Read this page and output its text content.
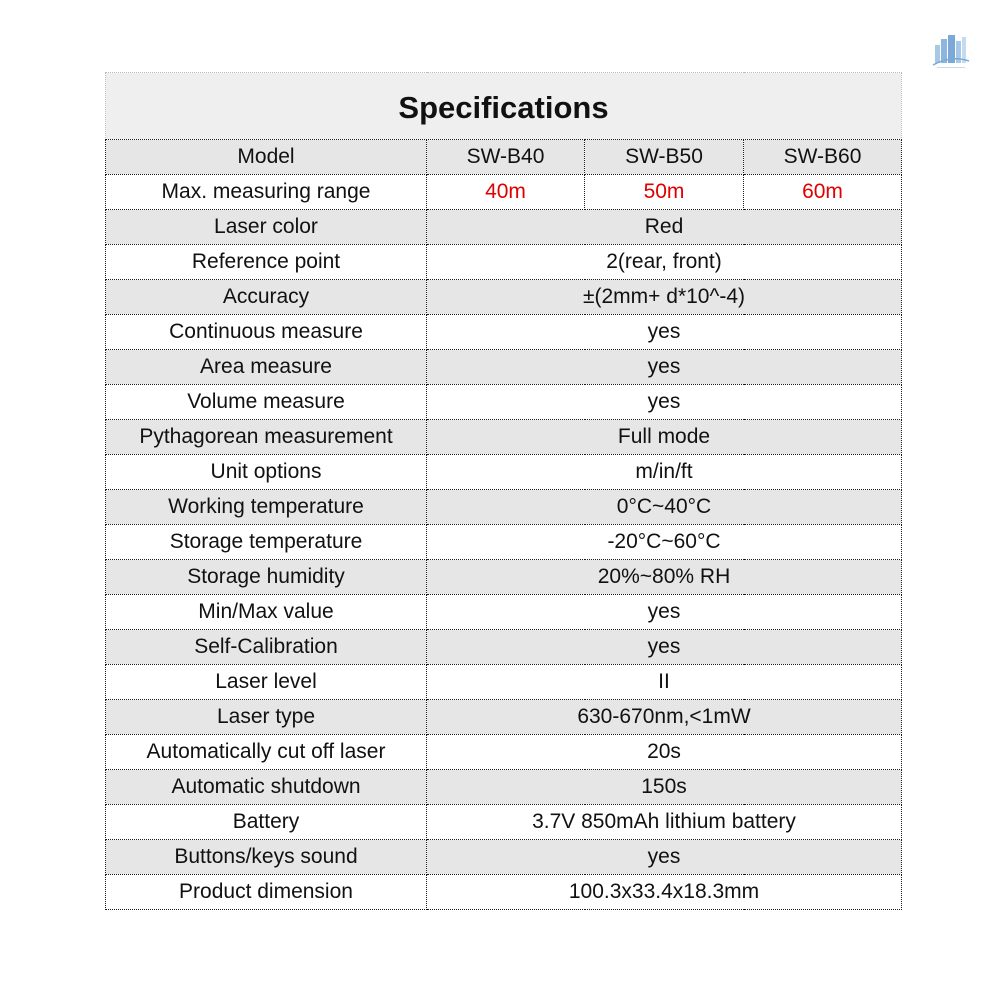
Specifications			
Model	SW-B40	SW-B50	SW-B60
Max. measuring range	40m	50m	60m
Laser color	Red		
Reference point	2(rear, front)		
Accuracy	±(2mm+ d*10^-4)		
Continuous measure	yes		
Area measure	yes		
Volume measure	yes		
Pythagorean measurement	Full mode		
Unit options	m/in/ft		
Working temperature	0°C~40°C		
Storage temperature	-20°C~60°C		
Storage humidity	20%~80% RH		
Min/Max value	yes		
Self-Calibration	yes		
Laser level	II		
Laser type	630-670nm,<1mW		
Automatically cut off laser	20s		
Automatic shutdown	150s		
Battery	3.7V 850mAh lithium battery		
Buttons/keys sound	yes		
Product dimension	100.3x33.4x18.3mm		
